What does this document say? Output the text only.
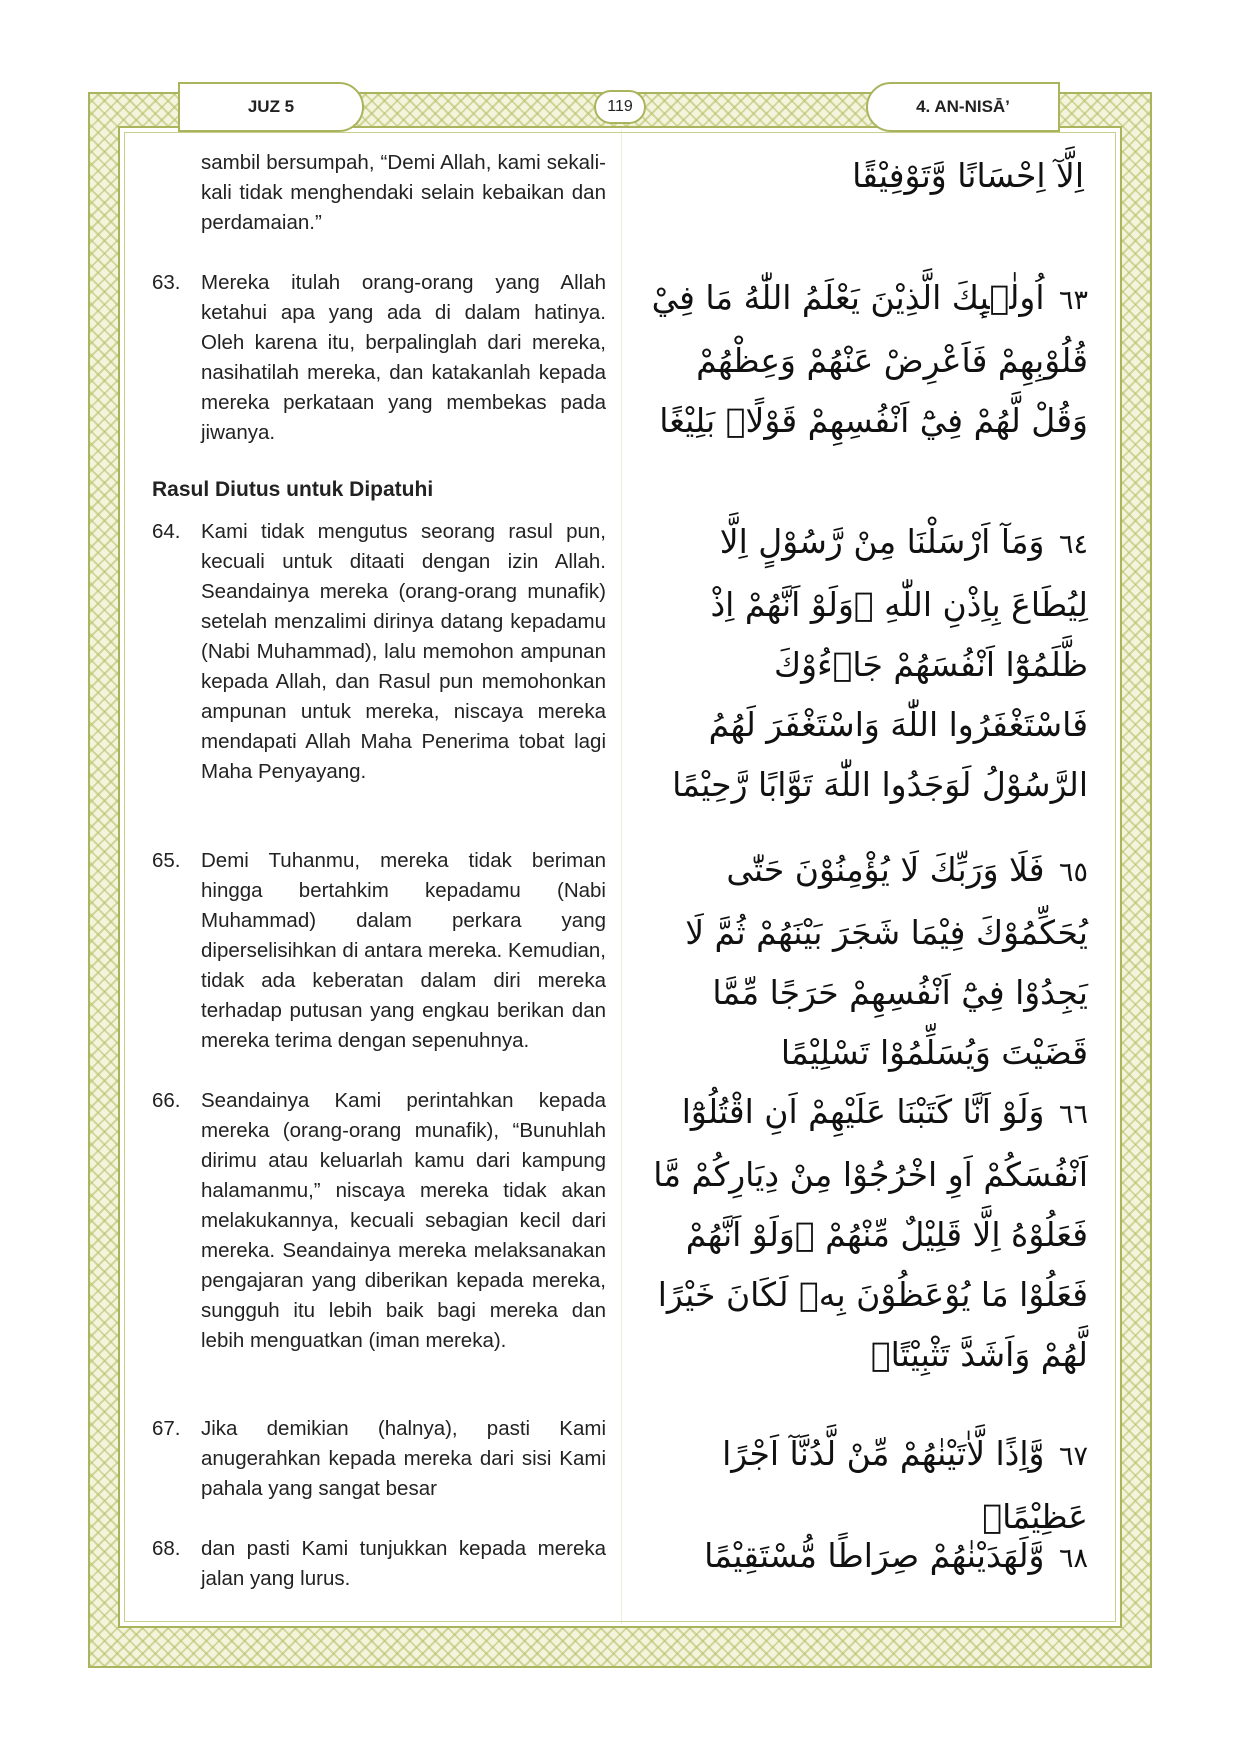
JUZ 5	119	4. AN-NISĀ’
sambil bersumpah, “Demi Allah, kami sekali-kali tidak menghendaki selain kebaikan dan perdamaian.”
63. Mereka itulah orang-orang yang Allah ketahui apa yang ada di dalam hatinya. Oleh karena itu, berpalinglah dari mereka, nasihatilah mereka, dan katakanlah kepada mereka perkataan yang membekas pada jiwanya.
Rasul Diutus untuk Dipatuhi
64. Kami tidak mengutus seorang rasul pun, kecuali untuk ditaati dengan izin Allah. Seandainya mereka (orang-orang munafik) setelah menzalimi dirinya datang kepadamu (Nabi Muhammad), lalu memohon ampunan kepada Allah, dan Rasul pun memohonkan ampunan untuk mereka, niscaya mereka mendapati Allah Maha Penerima tobat lagi Maha Penyayang.
65. Demi Tuhanmu, mereka tidak beriman hingga bertahkim kepadamu (Nabi Muhammad) dalam perkara yang diperselisihkan di antara mereka. Kemudian, tidak ada keberatan dalam diri mereka terhadap putusan yang engkau berikan dan mereka terima dengan sepenuhnya.
66. Seandainya Kami perintahkan kepada mereka (orang-orang munafik), “Bunuhlah dirimu atau keluarlah kamu dari kampung halamanmu,” niscaya mereka tidak akan melakukannya, kecuali sebagian kecil dari mereka. Seandainya mereka melaksanakan pengajaran yang diberikan kepada mereka, sungguh itu lebih baik bagi mereka dan lebih menguatkan (iman mereka).
67. Jika demikian (halnya), pasti Kami anugerahkan kepada mereka dari sisi Kami pahala yang sangat besar
68. dan pasti Kami tunjukkan kepada mereka jalan yang lurus.
اِلَّآ اِحْسَانًا وَّتَوْفِيْقًا
٦٣ اُولٰۤىِٕكَ الَّذِيْنَ يَعْلَمُ اللّٰهُ مَا فِيْ قُلُوْبِهِمْ فَاَعْرِضْ عَنْهُمْ وَعِظْهُمْ وَقُلْ لَّهُمْ فِيْٓ اَنْفُسِهِمْ قَوْلًاۢ بَلِيْغًا
٦٤ وَمَآ اَرْسَلْنَا مِنْ رَّسُوْلٍ اِلَّا لِيُطَاعَ بِاِذْنِ اللّٰهِ ۗوَلَوْ اَنَّهُمْ اِذْ ظَّلَمُوْٓا اَنْفُسَهُمْ جَاۤءُوْكَ فَاسْتَغْفَرُوا اللّٰهَ وَاسْتَغْفَرَ لَهُمُ الرَّسُوْلُ لَوَجَدُوا اللّٰهَ تَوَّابًا رَّحِيْمًا
٦٥ فَلَا وَرَبِّكَ لَا يُؤْمِنُوْنَ حَتّٰى يُحَكِّمُوْكَ فِيْمَا شَجَرَ بَيْنَهُمْ ثُمَّ لَا يَجِدُوْا فِيْٓ اَنْفُسِهِمْ حَرَجًا مِّمَّا قَضَيْتَ وَيُسَلِّمُوْا تَسْلِيْمًا
٦٦ وَلَوْ اَنَّا كَتَبْنَا عَلَيْهِمْ اَنِ اقْتُلُوْٓا اَنْفُسَكُمْ اَوِ اخْرُجُوْا مِنْ دِيَارِكُمْ مَّا فَعَلُوْهُ اِلَّا قَلِيْلٌ مِّنْهُمْ ۗوَلَوْ اَنَّهُمْ فَعَلُوْا مَا يُوْعَظُوْنَ بِهٖ لَكَانَ خَيْرًا لَّهُمْ وَاَشَدَّ تَثْبِيْتًاۙ
٦٧ وَّاِذًا لَّاٰتَيْنٰهُمْ مِّنْ لَّدُنَّآ اَجْرًا عَظِيْمًاۙ
٦٨ وَّلَهَدَيْنٰهُمْ صِرَاطًا مُّسْتَقِيْمًا
